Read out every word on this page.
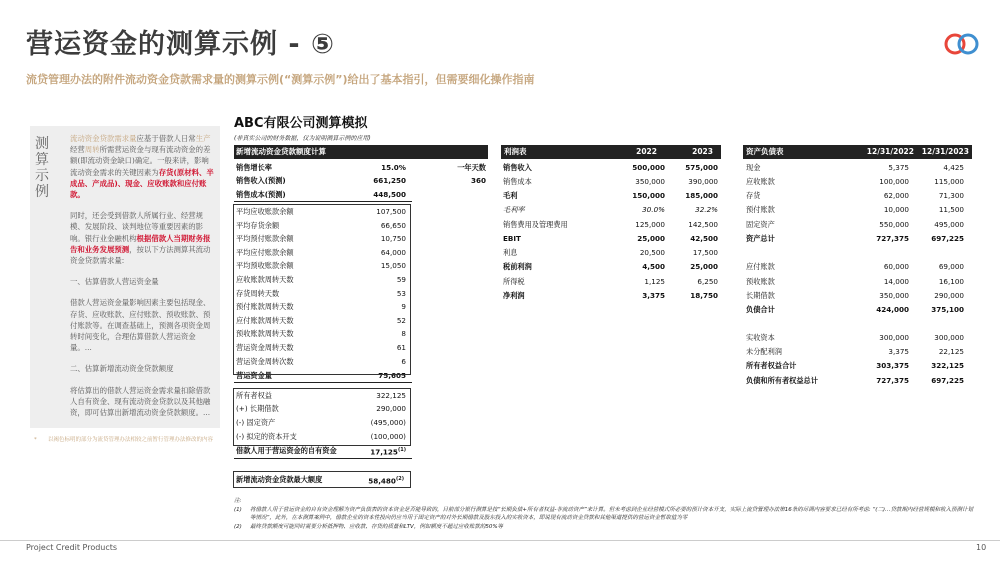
营运资金的测算示例 - ⑤
流贷管理办法的附件流动资金贷款需求量的测算示例(“测算示例”)给出了基本指引，但需要细化操作指南
测算示例

流动资金贷款需求量应基于借款人日常生产经营周转所需营运资金与现有流动资金的差额(即流动资金缺口)确定。一般来讲，影响流动资金需求的关键因素为存货(原材料、半成品、产成品)、现金、应收账款和应付账款。

同时，还会受到借款人所属行业、经营规模、发展阶段、谈判地位等重要因素的影响。银行业金融机构根据借款人当期财务报告和业务发展预测，按以下方法测算其流动资金贷款需求量:

一、估算借款人营运资金量

借款人营运资金量影响因素主要包括现金、存货、应收账款、应付账款、预收账款、预付账款等。在调查基础上，预测各项资金周转时间变化，合理估算借款人营运资金量。...

二、估算新增流动资金贷款额度

将估算出的借款人营运资金需求量扣除借款人自有资金、现有流动资金贷款以及其他融资，即可估算出新增流动资金贷款额度。...

*	以褐色标明的部分为流贷管理办法相较之前暂行管理办法修改的内容
ABC有限公司测算模拟
(非真实公司的财务数据，仅为说明测算示例的应用)
新增流动资金贷款额度计算
销售增长率	15.0%	一年天数
销售收入(预测)	661,250	360
销售成本(预测)	448,500
平均应收账款余额	107,500
平均存货余额	66,650
平均预付账款余额	10,750
平均应付账款余额	64,000
平均预收账款余额	15,050
应收账款周转天数	59
存货周转天数	53
预付账款周转天数	9
应付账款周转天数	52
预收账款周转天数	8
营运资金周转天数	61
营运资金周转次数	6
营运资金量	75,605
所有者权益	322,125
(+) 长期借款	290,000
(-) 固定资产	(495,000)
(-) 拟定的资本开支	(100,000)
借款人用于营运资金的自有资金	17,125$^{(1)}$
新增流动资金贷款最大额度	58,480$^{(2)}$
利润表	2022	2023
销售收入	500,000	575,000
销售成本	350,000	390,000
毛利	150,000	185,000
毛利率	30.0%	32.2%
销售费用及管理费用	125,000	142,500
EBIT	25,000	42,500
利息	20,500	17,500
税前利润	4,500	25,000
所得税	1,125	6,250
净利润	3,375	18,750
资产负债表	12/31/2022 12/31/2023
现金	5,375	4,425
应收账款	100,000	115,000
存货	62,000	71,300
预付账款	10,000	11,500
固定资产	550,000	495,000
资产总计	727,375	697,225
应付账款	60,000	69,000
预收账款	14,000	16,100
长期借款	350,000	290,000
负债合计	424,000	375,100
实收资本	300,000	300,000
未分配利润	3,375	22,125
所有者权益合计	303,375	322,125
负债和所有者权益总计	727,375	697,225
注:
(1) 将借款人用于营运资金的自有资金理解为资产负债表的资本资金是否能导致的，目前部分银行测算是按“长期负债+所有者权益-非流动资产”来计算。但未考虑到企业经营模式所必要的预计资本开支，实际上流贷管理办法第16条的尽调内容要求已经有所考虑: “(二)…贷款期内经营规模和收入预测计划等情况”，此外，在本测算案例中，借款企业的资本性投向仍应当用于固定资产的对外长期借款及股东投入的实收资本，即说现有流动资金贷款和其他渠道提供的营运资金暂取值为零
(2) 最终贷款额度可能同时需要分析抵押物、应收款、存货的质量和LTV，例如额度不超过应收账款的50%等
Project Credit Products	10
